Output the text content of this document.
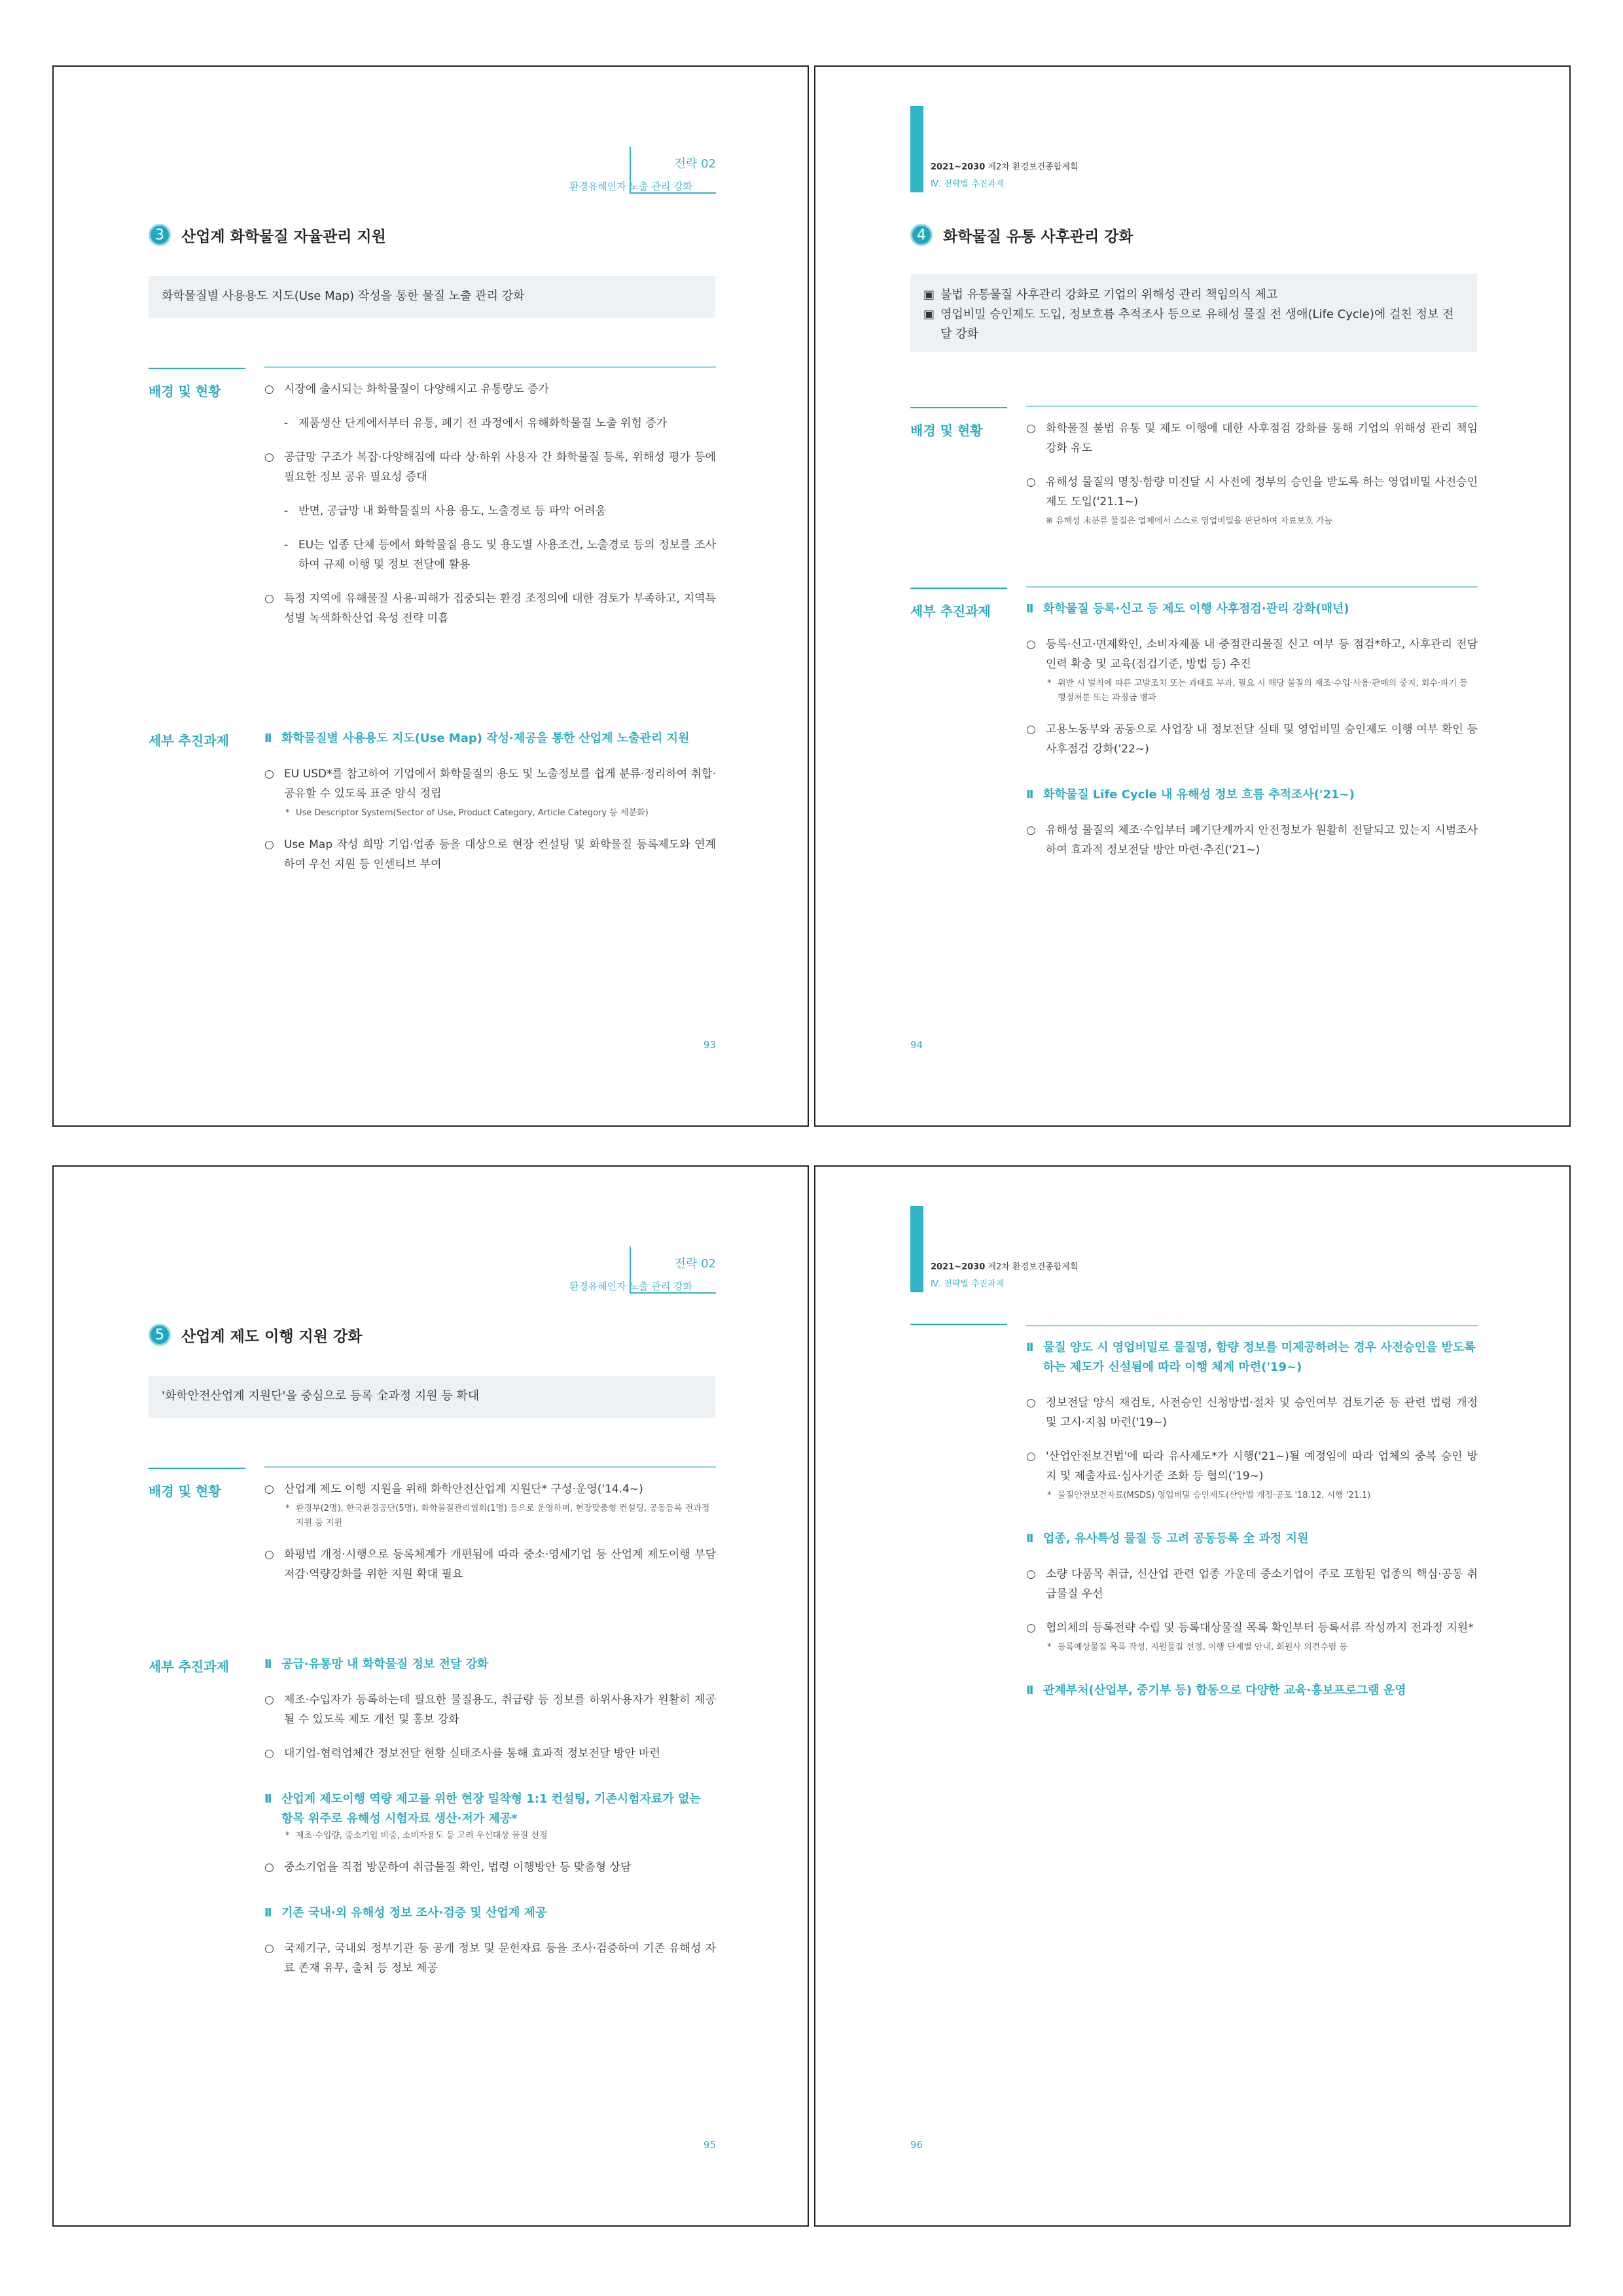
전략 02
환경유해인자 노출 관리 강화
3	산업계 화학물질 자율관리 지원
화학물질별 사용용도 지도(Use Map) 작성을 통한 물질 노출 관리 강화
배경 및 현황	○ 시장에 출시되는 화학물질이 다양해지고 유통량도 증가
- 제품생산 단계에서부터 유통, 폐기 전 과정에서 유해화학물질 노출 위험 증가
○ 공급망 구조가 복잡·다양해짐에 따라 상·하위 사용자 간 화학물질 등록, 위해성 평가 등에 필요한 정보 공유 필요성 증대
- 반면, 공급망 내 화학물질의 사용 용도, 노출경로 등 파악 어려움
- EU는 업종 단체 등에서 화학물질 용도 및 용도별 사용조건, 노출경로 등의 정보를 조사하여 규제 이행 및 정보 전달에 활용
○ 특정 지역에 유해물질 사용·피해가 집중되는 환경 조정의에 대한 검토가 부족하고, 지역특성별 녹색화학산업 육성 전략 미흡
세부 추진과제	ⅠⅠ 화학물질별 사용용도 지도(Use Map) 작성·제공을 통한 산업계 노출관리 지원
○ EU USD*를 참고하여 기업에서 화학물질의 용도 및 노출정보를 쉽게 분류·정리하여 취합·공유할 수 있도록 표준 양식 정립
* Use Descriptor System(Sector of Use, Product Category, Article Category 등 세분화)
○ Use Map 작성 희망 기업·업종 등을 대상으로 현장 컨설팅 및 화학물질 등록제도와 연계하여 우선 지원 등 인센티브 부여
93
2021~2030 제2차 환경보건종합계획
Ⅳ. 전략별 추진과제
4	화학물질 유통 사후관리 강화
▣ 불법 유통물질 사후관리 강화로 기업의 위해성 관리 책임의식 제고
▣ 영업비밀 승인제도 도입, 정보흐름 추적조사 등으로 유해성 물질 전 생애(Life Cycle)에 걸친 정보 전달 강화
배경 및 현황	○ 화학물질 불법 유통 및 제도 이행에 대한 사후점검 강화를 통해 기업의 위해성 관리 책임 강화 유도
○ 유해성 물질의 명칭·함량 미전달 시 사전에 정부의 승인을 받도록 하는 영업비밀 사전승인제도 도입('21.1~)
※ 유해성 未분류 물질은 업체에서 스스로 영업비밀을 판단하여 자료보호 가능
세부 추진과제	ⅠⅠ 화학물질 등록·신고 등 제도 이행 사후점검·관리 강화(매년)
○ 등록·신고·면제확인, 소비자제품 내 중점관리물질 신고 여부 등 점검*하고, 사후관리 전담인력 확충 및 교육(점검기준, 방법 등) 추진
* 위반 시 벌칙에 따른 고발조치 또는 과태료 부과, 필요 시 해당 물질의 제조·수입·사용·판매의 중지, 회수·파기 등 행정처분 또는 과징금 병과
○ 고용노동부와 공동으로 사업장 내 정보전달 실태 및 영업비밀 승인제도 이행 여부 확인 등 사후점검 강화('22~)
ⅠⅠ 화학물질 Life Cycle 내 유해성 정보 흐름 추적조사('21~)
○ 유해성 물질의 제조·수입부터 폐기단계까지 안전정보가 원활히 전달되고 있는지 시범조사하여 효과적 정보전달 방안 마련·추진('21~)
94
전략 02
환경유해인자 노출 관리 강화
5	산업계 제도 이행 지원 강화
'화학안전산업계 지원단'을 중심으로 등록 全과정 지원 등 확대
배경 및 현황	○ 산업계 제도 이행 지원을 위해 화학안전산업계 지원단* 구성·운영('14.4~)
* 환경부(2명), 한국환경공단(5명), 화학물질관리협회(1명) 등으로 운영하며, 현장맞춤형 컨설팅, 공동등록 전과정 지원 등 지원
○ 화평법 개정·시행으로 등록체계가 개편됨에 따라 중소·영세기업 등 산업계 제도이행 부담저감·역량강화를 위한 지원 확대 필요
세부 추진과제	ⅠⅠ 공급·유통망 내 화학물질 정보 전달 강화
○ 제조·수입자가 등록하는데 필요한 물질용도, 취급량 등 정보를 하위사용자가 원활히 제공될 수 있도록 제도 개선 및 홍보 강화
○ 대기업-협력업체간 정보전달 현황 실태조사를 통해 효과적 정보전달 방안 마련
ⅠⅠ 산업계 제도이행 역량 제고를 위한 현장 밀착형 1:1 컨설팅, 기존시험자료가 없는 항목 위주로 유해성 시험자료 생산·저가 제공*
* 제조·수입량, 중소기업 비중, 소비자용도 등 고려 우선대상 물질 선정
○ 중소기업을 직접 방문하여 취급물질 확인, 법령 이행방안 등 맞춤형 상담
ⅠⅠ 기존 국내·외 유해성 정보 조사·검증 및 산업계 제공
○ 국제기구, 국내외 정부기관 등 공개 정보 및 문헌자료 등을 조사·검증하여 기존 유해성 자료 존재 유무, 출처 등 정보 제공
95
2021~2030 제2차 환경보건종합계획
Ⅳ. 전략별 추진과제
ⅠⅠ 물질 양도 시 영업비밀로 물질명, 함량 정보를 미제공하려는 경우 사전승인을 받도록 하는 제도가 신설됨에 따라 이행 체계 마련('19~)
○ 정보전달 양식 재검토, 사전승인 신청방법·절차 및 승인여부 검토기준 등 관련 법령 개정 및 고시·지침 마련('19~)
○ '산업안전보건법'에 따라 유사제도*가 시행('21~)될 예정임에 따라 업체의 중복 승인 방지 및 제출자료·심사기준 조화 등 협의('19~)
* 물질안전보건자료(MSDS) 영업비밀 승인제도(산안법 개정·공포 '18.12, 시행 '21.1)
ⅠⅠ 업종, 유사특성 물질 등 고려 공동등록 全 과정 지원
○ 소량 다품목 취급, 신산업 관련 업종 가운데 중소기업이 주로 포함된 업종의 핵심·공동 취급물질 우선
○ 협의체의 등록전략 수립 및 등록대상물질 목록 확인부터 등록서류 작성까지 전과정 지원*
* 등록예상물질 목록 작성, 지원물질 선정, 이행 단계별 안내, 회원사 의견수렴 등
ⅠⅠ 관계부처(산업부, 중기부 등) 합동으로 다양한 교육·홍보프로그램 운영
96
